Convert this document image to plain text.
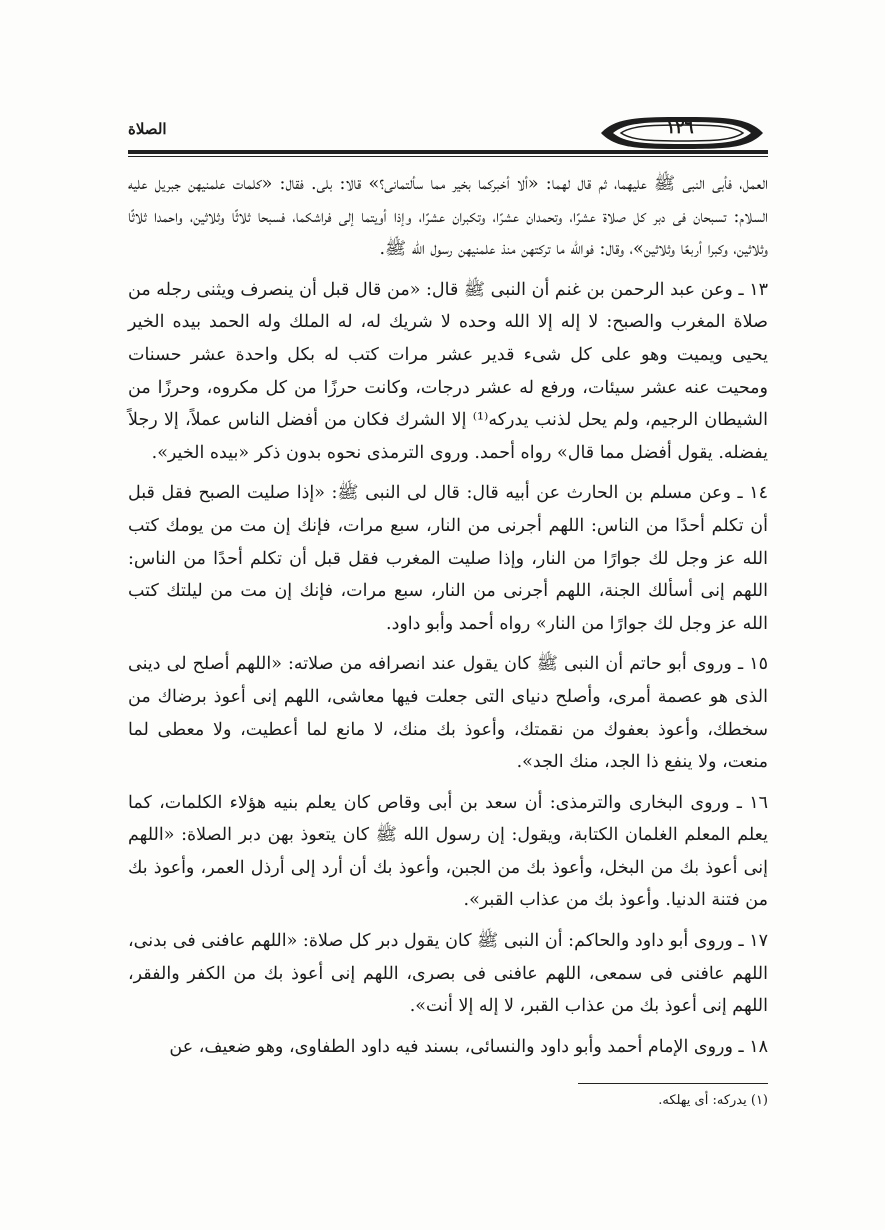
الصلاة	١٢٦

العمل، فأبى النبى ﷺ عليهما، ثم قال لهما: «ألا أخبركما بخير مما سألتمانى؟» قالا: بلى. فقال: «كلمات علمنيهن جبريل عليه السلام: تسبحان فى دبر كل صلاة عشرًا، وتحمدان عشرًا، وتكبران عشرًا، وإذا أويتما إلى فراشكما، فسبحا ثلاثًا وثلاثين، واحمدا ثلاثًا وثلاثين، وكبرا أربعًا وثلاثين»، وقال: فوالله ما تركتهن منذ علمنيهن رسول الله ﷺ.

١٣ ـ وعن عبد الرحمن بن غنم أن النبى ﷺ قال: «من قال قبل أن ينصرف ويثنى رجله من صلاة المغرب والصبح: لا إله إلا الله وحده لا شريك له، له الملك وله الحمد بيده الخير يحيى ويميت وهو على كل شىء قدير عشر مرات كتب له بكل واحدة عشر حسنات ومحيت عنه عشر سيئات، ورفع له عشر درجات، وكانت حرزًا من كل مكروه، وحرزًا من الشيطان الرجيم، ولم يحل لذنب يدركه⁽¹⁾ إلا الشرك فكان من أفضل الناس عملاً، إلا رجلاً يفضله. يقول أفضل مما قال» رواه أحمد. وروى الترمذى نحوه بدون ذكر «بيده الخير».

١٤ ـ وعن مسلم بن الحارث عن أبيه قال: قال لى النبى ﷺ: «إذا صليت الصبح فقل قبل أن تكلم أحدًا من الناس: اللهم أجرنى من النار، سبع مرات، فإنك إن مت من يومك كتب الله عز وجل لك جوارًا من النار، وإذا صليت المغرب فقل قبل أن تكلم أحدًا من الناس: اللهم إنى أسألك الجنة، اللهم أجرنى من النار، سبع مرات، فإنك إن مت من ليلتك كتب الله عز وجل لك جوارًا من النار» رواه أحمد وأبو داود.

١٥ ـ وروى أبو حاتم أن النبى ﷺ كان يقول عند انصرافه من صلاته: «اللهم أصلح لى دينى الذى هو عصمة أمرى، وأصلح دنياى التى جعلت فيها معاشى، اللهم إنى أعوذ برضاك من سخطك، وأعوذ بعفوك من نقمتك، وأعوذ بك منك، لا مانع لما أعطيت، ولا معطى لما منعت، ولا ينفع ذا الجد، منك الجد».

١٦ ـ وروى البخارى والترمذى: أن سعد بن أبى وقاص كان يعلم بنيه هؤلاء الكلمات، كما يعلم المعلم الغلمان الكتابة، ويقول: إن رسول الله ﷺ كان يتعوذ بهن دبر الصلاة: «اللهم إنى أعوذ بك من البخل، وأعوذ بك من الجبن، وأعوذ بك أن أرد إلى أرذل العمر، وأعوذ بك من فتنة الدنيا. وأعوذ بك من عذاب القبر».

١٧ ـ وروى أبو داود والحاكم: أن النبى ﷺ كان يقول دبر كل صلاة: «اللهم عافنى فى بدنى، اللهم عافنى فى سمعى، اللهم عافنى فى بصرى، اللهم إنى أعوذ بك من الكفر والفقر، اللهم إنى أعوذ بك من عذاب القبر، لا إله إلا أنت».

١٨ ـ وروى الإمام أحمد وأبو داود والنسائى، بسند فيه داود الطفاوى، وهو ضعيف، عن

(١) يدركه: أى يهلكه.
